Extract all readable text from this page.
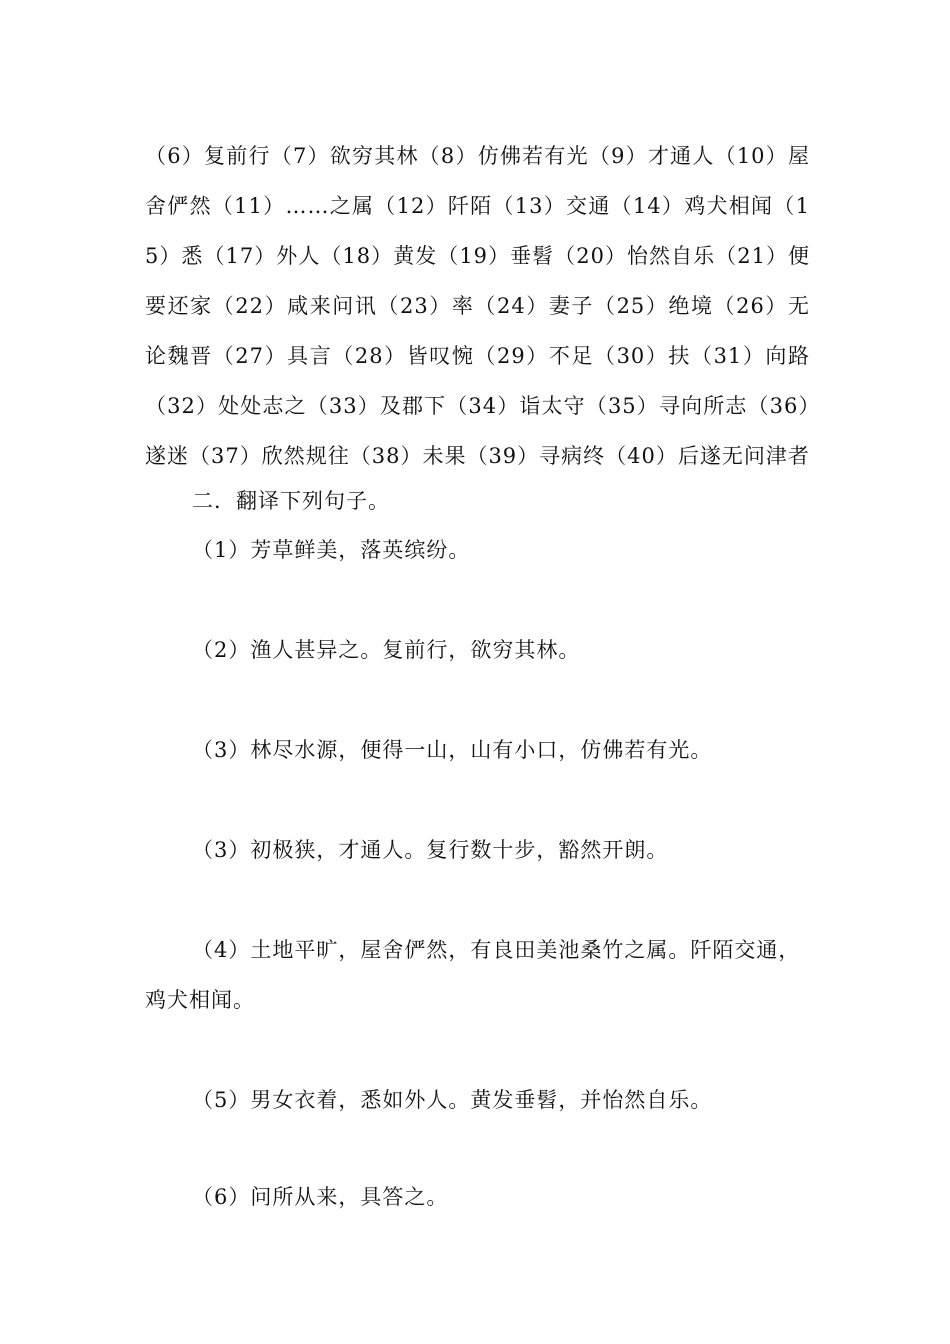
（6）复前行（7）欲穷其林（8）仿佛若有光（9）才通人（10）屋舍俨然（11）……之属（12）阡陌（13）交通（14）鸡犬相闻（15）悉（17）外人（18）黄发（19）垂髫（20）怡然自乐（21）便要还家（22）咸来问讯（23）率（24）妻子（25）绝境（26）无论魏晋（27）具言（28）皆叹惋（29）不足（30）扶（31）向路（32）处处志之（33）及郡下（34）诣太守（35）寻向所志（36）遂迷（37）欣然规往（38）未果（39）寻病终（40）后遂无问津者
二．翻译下列句子。
（1）芳草鲜美，落英缤纷。
（2）渔人甚异之。复前行，欲穷其林。
（3）林尽水源，便得一山，山有小口，仿佛若有光。
（3）初极狭，才通人。复行数十步，豁然开朗。
（4）土地平旷，屋舍俨然，有良田美池桑竹之属。阡陌交通，鸡犬相闻。
（5）男女衣着，悉如外人。黄发垂髫，并怡然自乐。
（6）问所从来，具答之。
